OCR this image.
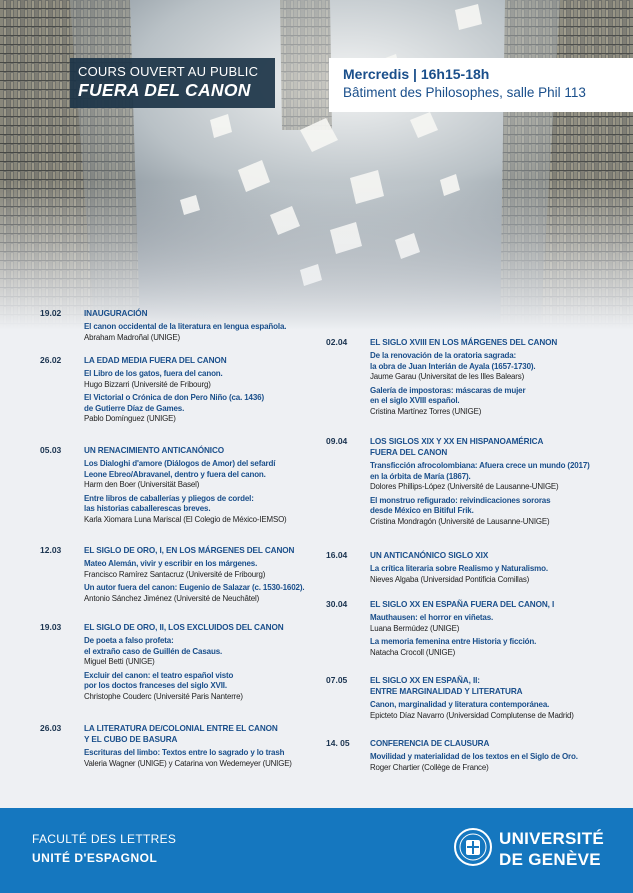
COURS OUVERT AU PUBLIC
FUERA DEL CANON
Mercredis | 16h15-18h
Bâtiment des Philosophes, salle Phil 113
19.02	INAUGURACIÓN
El canon occidental de la literatura en lengua española.
Abraham Madroñal (UNIGE)
26.02	LA EDAD MEDIA FUERA DEL CANON
El Libro de los gatos, fuera del canon.
Hugo Bizzarri (Université de Fribourg)
El Victorial o Crónica de don Pero Niño (ca. 1436)
de Gutierre Díaz de Games.
Pablo Domínguez (UNIGE)
05.03	UN RENACIMIENTO ANTICANÓNICO
Los Dialoghi d'amore (Diálogos de Amor) del sefardí
Leone Ebreo/Abravanel, dentro y fuera del canon.
Harm den Boer (Universität Basel)
Entre libros de caballerías y pliegos de cordel:
las historias caballerescas breves.
Karla Xiomara Luna Mariscal (El Colegio de México-IEMSO)
12.03	EL SIGLO DE ORO, I, EN LOS MÁRGENES DEL CANON
Mateo Alemán, vivir y escribir en los márgenes.
Francisco Ramírez Santacruz (Université de Fribourg)
Un autor fuera del canon: Eugenio de Salazar (c. 1530-1602).
Antonio Sánchez Jiménez (Université de Neuchâtel)
19.03	EL SIGLO DE ORO, II, LOS EXCLUIDOS DEL CANON
De poeta a falso profeta:
el extraño caso de Guillén de Casaus.
Miguel Betti (UNIGE)
Excluir del canon: el teatro español visto
por los doctos franceses del siglo XVII.
Christophe Couderc (Université Paris Nanterre)
26.03	LA LITERATURA DE/COLONIAL ENTRE EL CANON
Y EL CUBO DE BASURA
Escrituras del limbo: Textos entre lo sagrado y lo trash
Valeria Wagner (UNIGE) y Catarina von Wedemeyer (UNIGE)
02.04	EL SIGLO XVIII EN LOS MÁRGENES DEL CANON
De la renovación de la oratoria sagrada:
la obra de Juan Interián de Ayala (1657-1730).
Jaume Garau (Universitat de les Illes Balears)
Galería de impostoras: máscaras de mujer
en el siglo XVIII español.
Cristina Martínez Torres (UNIGE)
09.04	LOS SIGLOS XIX Y XX EN HISPANOAMÉRICA
FUERA DEL CANON
Transficción afrocolombiana: Afuera crece un mundo (2017)
en la órbita de María (1867).
Dolores Phillips-López (Université de Lausanne-UNIGE)
El monstruo refigurado: reivindicaciones sororas
desde México en Bitiful Frik.
Cristina Mondragón (Université de Lausanne-UNIGE)
16.04	UN ANTICANÓNICO SIGLO XIX
La crítica literaria sobre Realismo y Naturalismo.
Nieves Algaba (Universidad Pontificia Comillas)
30.04	EL SIGLO XX EN ESPAÑA FUERA DEL CANON, I
Mauthausen: el horror en viñetas.
Luana Bermúdez (UNIGE)
La memoria femenina entre Historia y ficción.
Natacha Crocoll (UNIGE)
07.05	EL SIGLO XX EN ESPAÑA, II:
ENTRE MARGINALIDAD Y LITERATURA
Canon, marginalidad y literatura contemporánea.
Epicteto Díaz Navarro (Universidad Complutense de Madrid)
14. 05 CONFERENCIA DE CLAUSURA
Movilidad y materialidad de los textos en el Siglo de Oro.
Roger Chartier (Collège de France)
FACULTÉ DES LETTRES
UNITÉ D'ESPAGNOL
UNIVERSITÉ
DE GENÈVE
